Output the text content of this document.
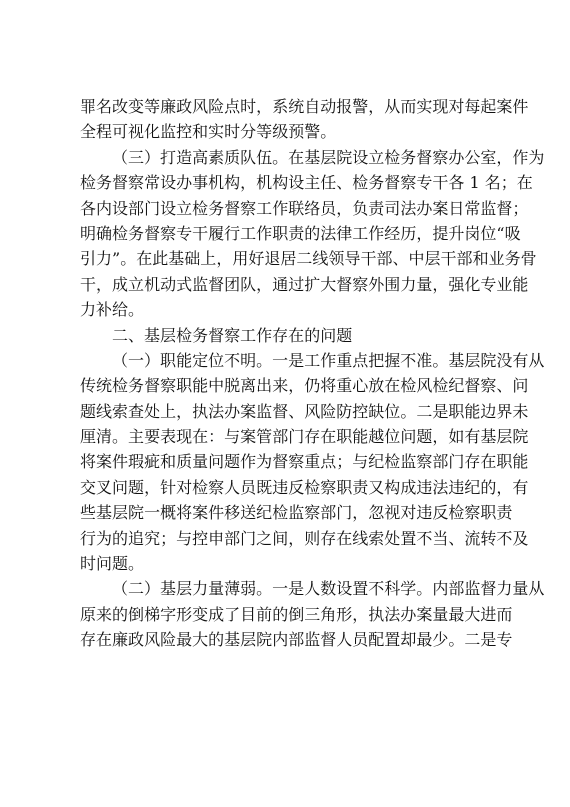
罪 名 改 变 等 廉 政 风 险 点 时 ， 系 统 自 动 报 警 ， 从 而 实 现 对 每 起 案 件
全 程 可 视 化 监 控 和 实 时 分 等 级 预 警 。
（ 三 ） 打 造 高 素 质 队 伍 。 在 基 层 院 设 立 检 务 督 察 办 公 室 ， 作 为
检 务 督 察 常 设 办 事 机 构 ， 机 构 设 主 任 、 检 务 督 察 专 干 各
1
名 ； 在
各 内 设 部 门 设 立 检 务 督 察 工 作 联 络 员 ， 负 责 司 法 办 案 日 常 监 督 ；
明 确 检 务 督 察 专 干 履 行 工 作 职 责 的 法 律 工 作 经 历 ， 提 升 岗 位 “ 吸
引 力 ” 。 在 此 基 础 上 ， 用 好 退 居 二 线 领 导 干 部 、 中 层 干 部 和 业 务 骨
干 ， 成 立 机 动 式 监 督 团 队 ， 通 过 扩 大 督 察 外 围 力 量 ， 强 化 专 业 能
力 补 给 。
二 、 基 层 检 务 督 察 工 作 存 在 的 问 题
（ 一 ） 职 能 定 位 不 明 。 一 是 工 作 重 点 把 握 不 准 。 基 层 院 没 有 从
传 统 检 务 督 察 职 能 中 脱 离 出 来 ， 仍 将 重 心 放 在 检 风 检 纪 督 察 、 问
题 线 索 查 处 上 ， 执 法 办 案 监 督 、 风 险 防 控 缺 位 。 二 是 职 能 边 界 未
厘 清 。 主 要 表 现 在 ： 与 案 管 部 门 存 在 职 能 越 位 问 题 ， 如 有 基 层 院
将 案 件 瑕 疵 和 质 量 问 题 作 为 督 察 重 点 ； 与 纪 检 监 察 部 门 存 在 职 能
交 叉 问 题 ， 针 对 检 察 人 员 既 违 反 检 察 职 责 又 构 成 违 法 违 纪 的 ， 有
些 基 层 院 一 概 将 案 件 移 送 纪 检 监 察 部 门 ， 忽 视 对 违 反 检 察 职 责
行 为 的 追 究 ； 与 控 申 部 门 之 间 ， 则 存 在 线 索 处 置 不 当 、 流 转 不 及
时 问 题 。
（ 二 ） 基 层 力 量 薄 弱 。 一 是 人 数 设 置 不 科 学 。 内 部 监 督 力 量 从
原 来 的 倒 梯 字 形 变 成 了 目 前 的 倒 三 角 形 ， 执 法 办 案 量 最 大 进 而
存 在 廉 政 风 险 最 大 的 基 层 院 内 部 监 督 人 员 配 置 却 最 少 。 二 是 专
